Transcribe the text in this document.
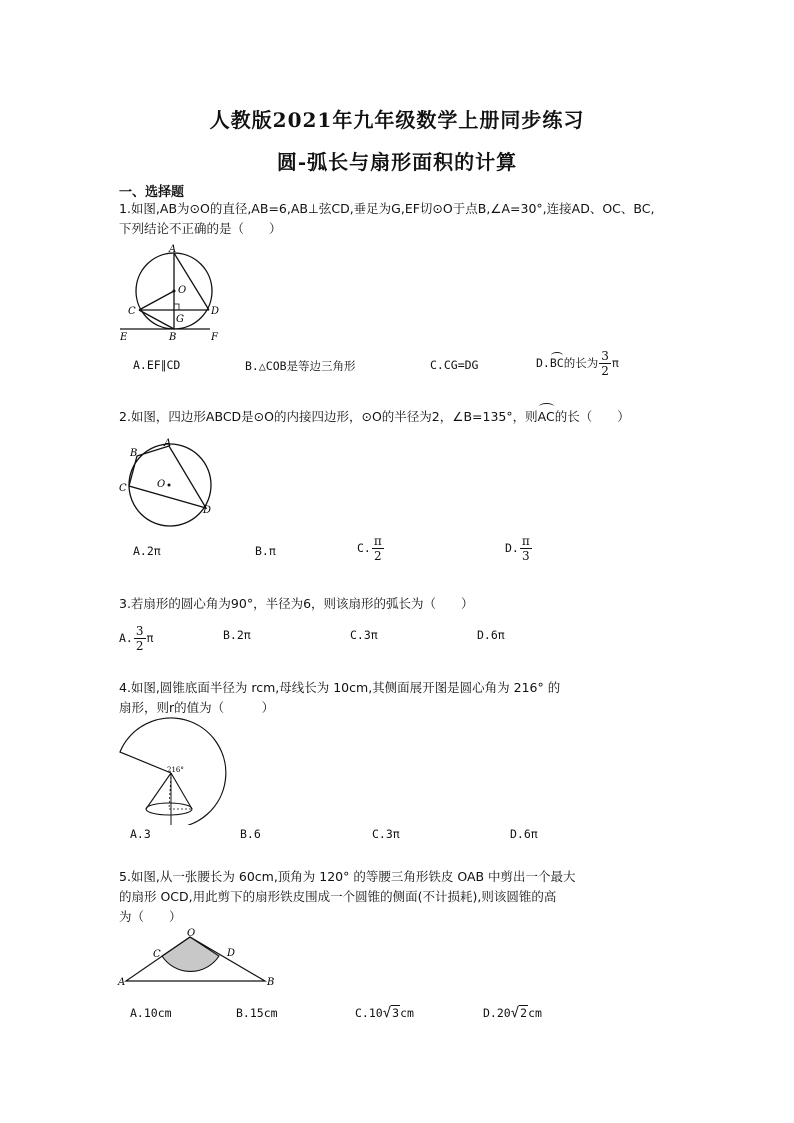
人教版2021年九年级数学上册同步练习
圆-弧长与扇形面积的计算
一、选择题
1.如图,AB为⊙O的直径,AB=6,AB⊥弦CD,垂足为G,EF切⊙O于点B,∠A=30°,连接AD、OC、BC,
下列结论不正确的是（　　）
A
O
C	D
G
B
E	F
A.EF∥CD	B.△COB是等边三角形	C.CG=DG	D.BC的长为 $\frac{3}{2}$ π
2.如图，四边形ABCD是⊙O的内接四边形，⊙O的半径为2，∠B=135°，则AC的长（　　）
A
B
C	O
D
A.2π	B.π	C. $\frac{\pi}{2}$	D. $\frac{\pi}{3}$
3.若扇形的圆心角为90°，半径为6，则该扇形的弧长为（　　）
A. $\frac{3}{2}$ π	B.2π	C.3π	D.6π
4.如图,圆锥底面半径为 rcm,母线长为 10cm,其侧面展开图是圆心角为 216° 的
扇形，则r的值为（　　　）
216°
A.3	B.6	C.3π	D.6π
5.如图,从一张腰长为 60cm,顶角为 120° 的等腰三角形铁皮 OAB 中剪出一个最大
的扇形 OCD,用此剪下的扇形铁皮围成一个圆锥的侧面(不计损耗),则该圆锥的高
为（　　）
O
C	D
A	B
A.10cm	B.15cm	C.10√3cm	D.20√2cm
